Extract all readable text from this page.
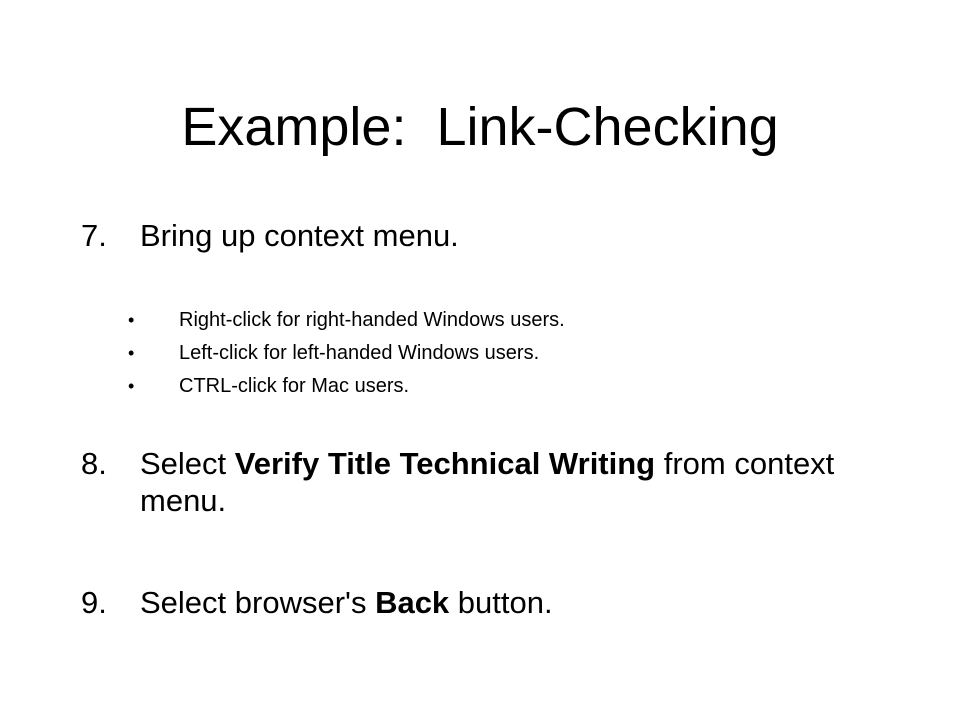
Example:  Link-Checking
7. Bring up context menu.
• Right-click for right-handed Windows users.
• Left-click for left-handed Windows users.
• CTRL-click for Mac users.
8. Select Verify Title Technical Writing from context menu.
9. Select browser's Back button.
